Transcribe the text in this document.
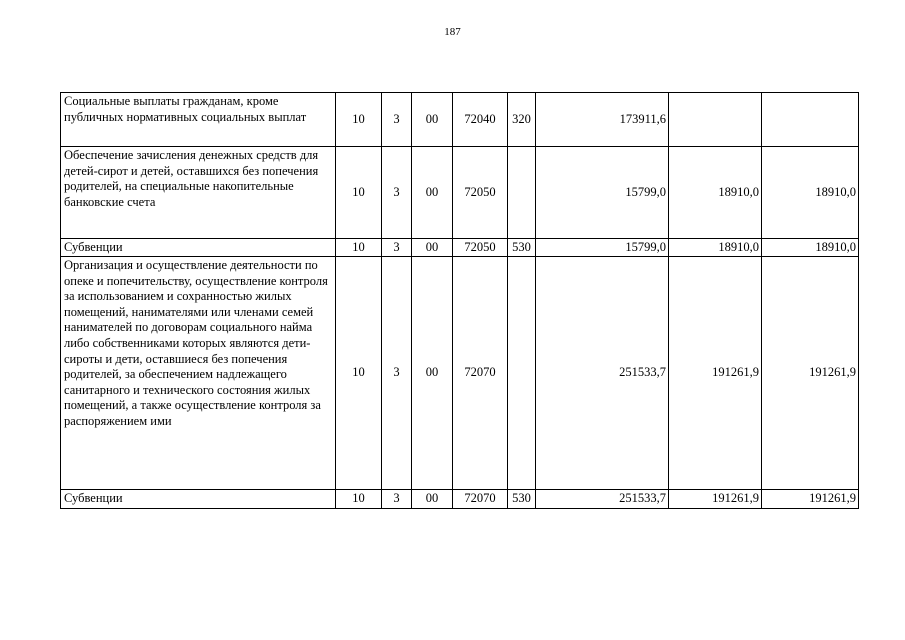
187
Социальные выплаты гражданам, кроме публичных нормативных социальных выплат	10	3	00	72040	320	173911,6		
Обеспечение зачисления денежных средств для детей-сирот и детей, оставшихся без попечения родителей, на специальные накопительные банковские счета	10	3	00	72050		15799,0	18910,0	18910,0
Субвенции	10	3	00	72050	530	15799,0	18910,0	18910,0
Организация и осуществление деятельности по опеке и попечительству, осуществление контроля за использованием и сохранностью жилых помещений, нанимателями или членами семей нанимателей по договорам социального найма либо собственниками которых являются дети-сироты и дети, оставшиеся без попечения родителей, за обеспечением надлежащего санитарного и технического состояния жилых помещений, а также осуществление контроля за распоряжением ими	10	3	00	72070		251533,7	191261,9	191261,9
Субвенции	10	3	00	72070	530	251533,7	191261,9	191261,9
